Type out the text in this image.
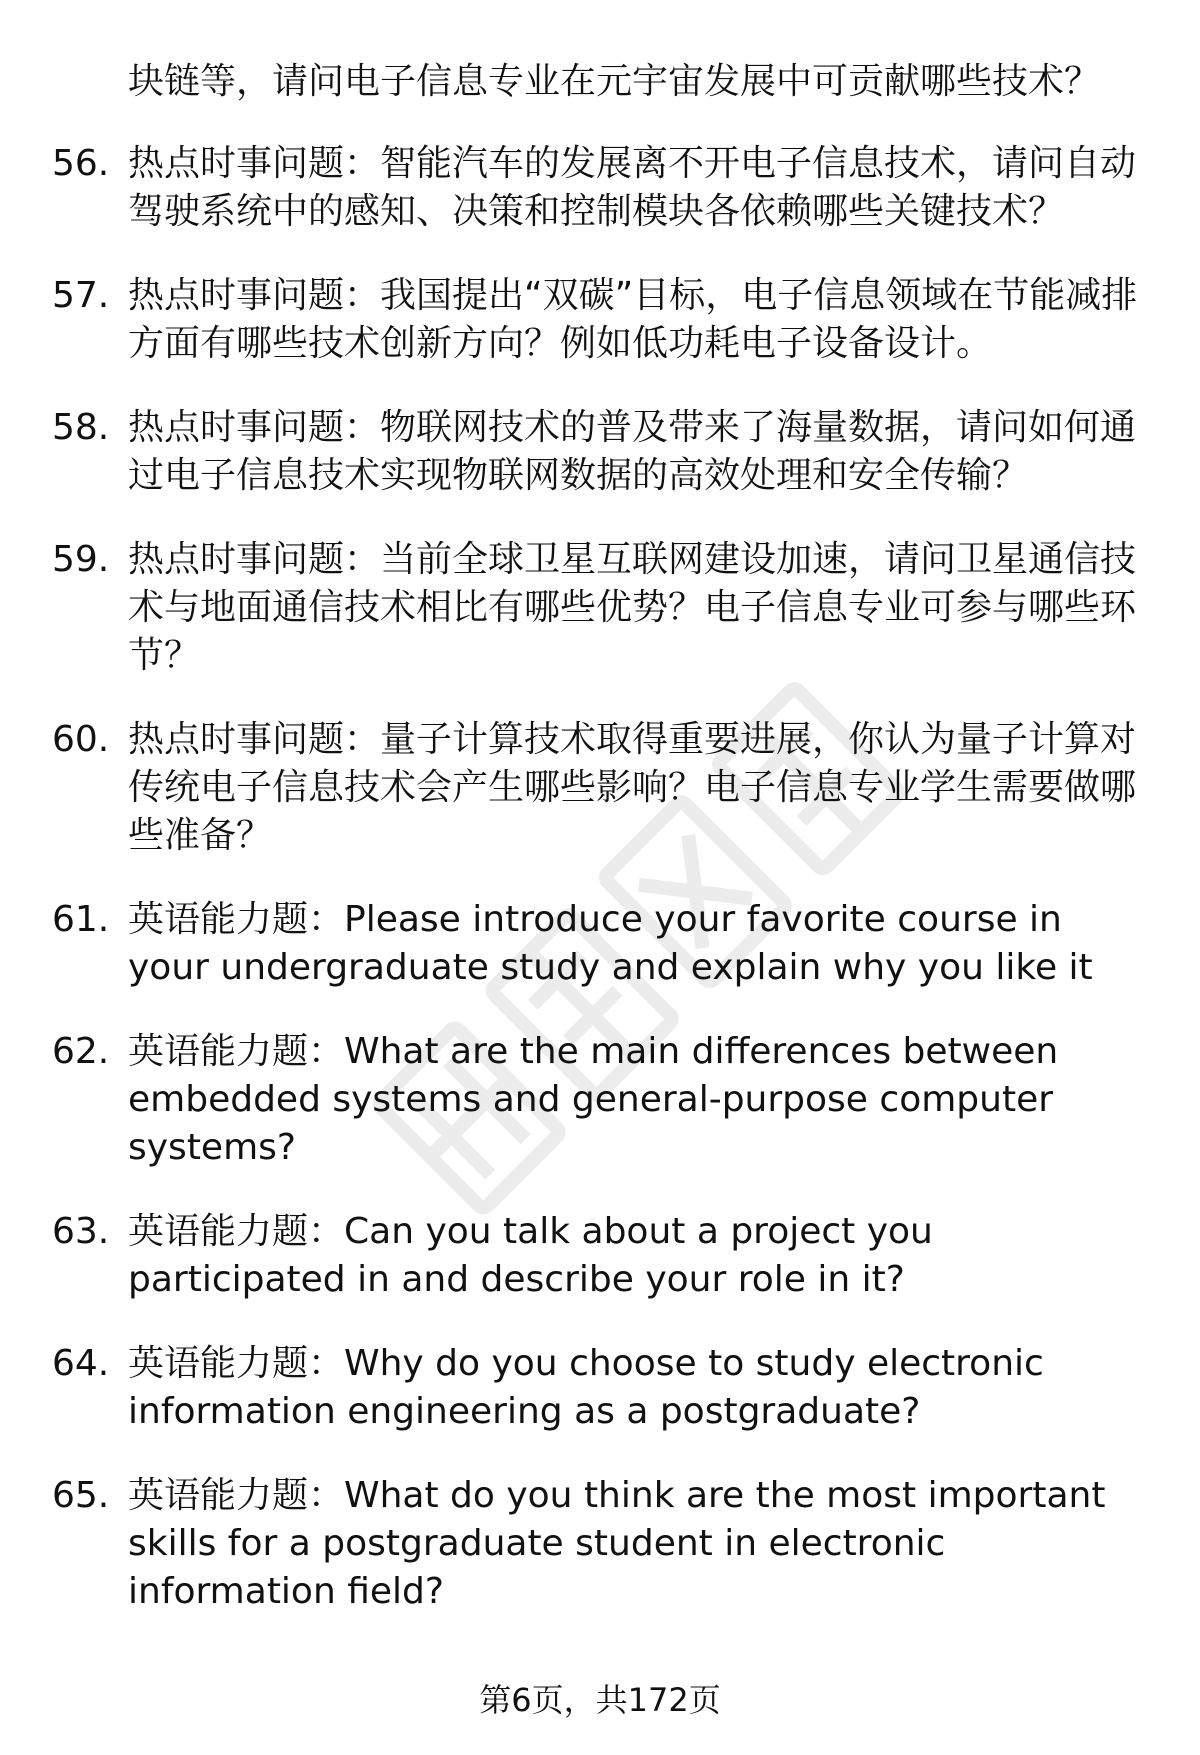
块链等，请问电子信息专业在元宇宙发展中可贡献哪些技术？
56. 热点时事问题：智能汽车的发展离不开电子信息技术，请问自动驾驶系统中的感知、决策和控制模块各依赖哪些关键技术？
57. 热点时事问题：我国提出“双碳”目标，电子信息领域在节能减排方面有哪些技术创新方向？例如低功耗电子设备设计。
58. 热点时事问题：物联网技术的普及带来了海量数据，请问如何通过电子信息技术实现物联网数据的高效处理和安全传输？
59. 热点时事问题：当前全球卫星互联网建设加速，请问卫星通信技术与地面通信技术相比有哪些优势？电子信息专业可参与哪些环节？
60. 热点时事问题：量子计算技术取得重要进展，你认为量子计算对传统电子信息技术会产生哪些影响？电子信息专业学生需要做哪些准备？
61. 英语能力题：Please introduce your favorite course in your undergraduate study and explain why you like it
62. 英语能力题：What are the main differences between embedded systems and general-purpose computer systems?
63. 英语能力题：Can you talk about a project you participated in and describe your role in it?
64. 英语能力题：Why do you choose to study electronic information engineering as a postgraduate?
65. 英语能力题：What do you think are the most important skills for a postgraduate student in electronic information field?
第6页，共172页
